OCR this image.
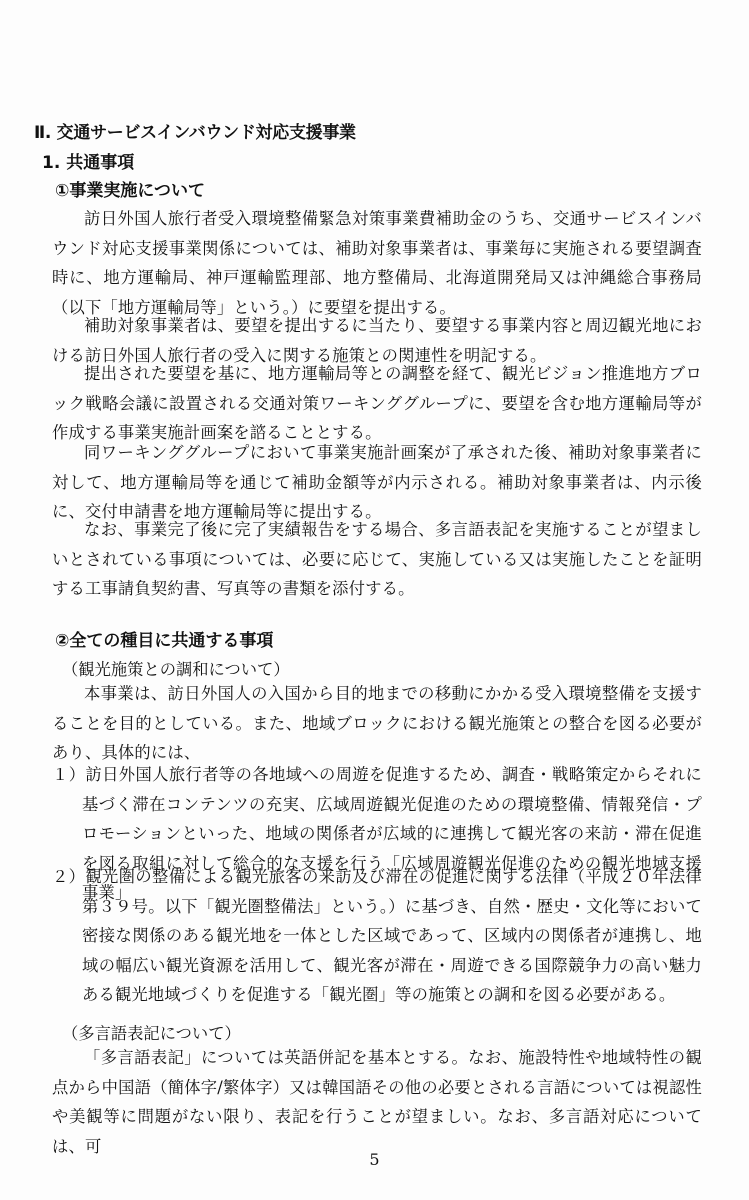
Ⅱ. 交通サービスインバウンド対応支援事業
1. 共通事項
①事業実施について

訪日外国人旅行者受入環境整備緊急対策事業費補助金のうち、交通サービスインバウンド対応支援事業関係については、補助対象事業者は、事業毎に実施される要望調査時に、地方運輸局、神戸運輸監理部、地方整備局、北海道開発局又は沖縄総合事務局（以下「地方運輸局等」という。）に要望を提出する。

補助対象事業者は、要望を提出するに当たり、要望する事業内容と周辺観光地における訪日外国人旅行者の受入に関する施策との関連性を明記する。

提出された要望を基に、地方運輸局等との調整を経て、観光ビジョン推進地方ブロック戦略会議に設置される交通対策ワーキンググループに、要望を含む地方運輸局等が作成する事業実施計画案を諮ることとする。

同ワーキンググループにおいて事業実施計画案が了承された後、補助対象事業者に対して、地方運輸局等を通じて補助金額等が内示される。補助対象事業者は、内示後に、交付申請書を地方運輸局等に提出する。

なお、事業完了後に完了実績報告をする場合、多言語表記を実施することが望ましいとされている事項については、必要に応じて、実施している又は実施したことを証明する工事請負契約書、写真等の書類を添付する。

②全ての種目に共通する事項

（観光施策との調和について）

本事業は、訪日外国人の入国から目的地までの移動にかかる受入環境整備を支援することを目的としている。また、地域ブロックにおける観光施策との整合を図る必要があり、具体的には、

１）訪日外国人旅行者等の各地域への周遊を促進するため、調査・戦略策定からそれに基づく滞在コンテンツの充実、広域周遊観光促進のための環境整備、情報発信・プロモーションといった、地域の関係者が広域的に連携して観光客の来訪・滞在促進を図る取組に対して総合的な支援を行う「広域周遊観光促進のための観光地域支援事業」

２）観光圏の整備による観光旅客の来訪及び滞在の促進に関する法律（平成２０年法律第３９号。以下「観光圏整備法」という。）に基づき、自然・歴史・文化等において密接な関係のある観光地を一体とした区域であって、区域内の関係者が連携し、地域の幅広い観光資源を活用して、観光客が滞在・周遊できる国際競争力の高い魅力ある観光地域づくりを促進する「観光圏」等の施策との調和を図る必要がある。

（多言語表記について）

「多言語表記」については英語併記を基本とする。なお、施設特性や地域特性の観点から中国語（簡体字/繁体字）又は韓国語その他の必要とされる言語については視認性や美観等に問題がない限り、表記を行うことが望ましい。なお、多言語対応については、可

5
